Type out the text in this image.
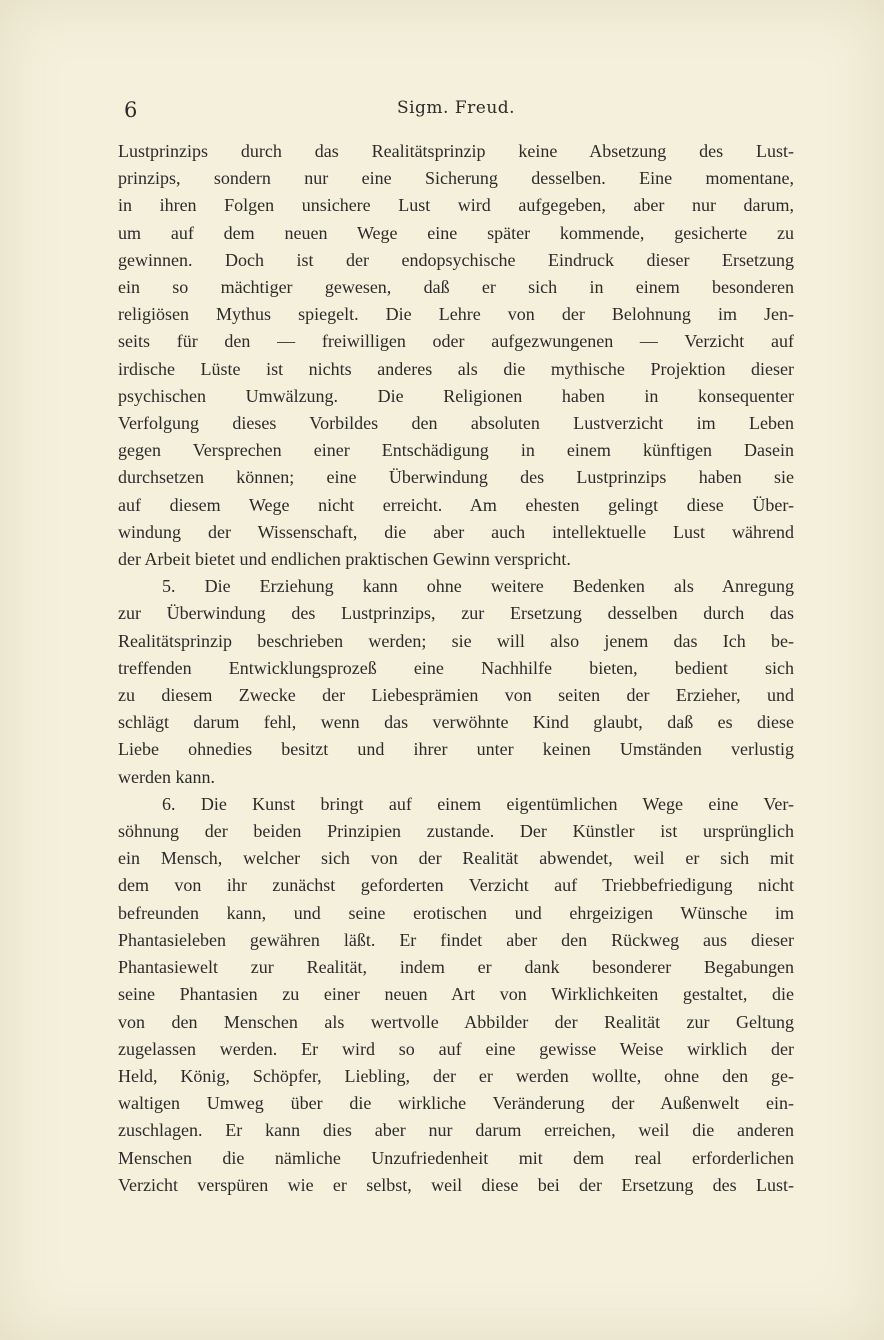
6	Sigm. Freud.
Lustprinzips durch das Realitätsprinzip keine Absetzung des Lust-
prinzips, sondern nur eine Sicherung desselben. Eine momentane,
in ihren Folgen unsichere Lust wird aufgegeben, aber nur darum,
um auf dem neuen Wege eine später kommende, gesicherte zu
gewinnen. Doch ist der endopsychische Eindruck dieser Ersetzung
ein so mächtiger gewesen, daß er sich in einem besonderen
religiösen Mythus spiegelt. Die Lehre von der Belohnung im Jen-
seits für den — freiwilligen oder aufgezwungenen — Verzicht auf
irdische Lüste ist nichts anderes als die mythische Projektion dieser
psychischen Umwälzung. Die Religionen haben in konsequenter
Verfolgung dieses Vorbildes den absoluten Lustverzicht im Leben
gegen Versprechen einer Entschädigung in einem künftigen Dasein
durchsetzen können; eine Überwindung des Lustprinzips haben sie
auf diesem Wege nicht erreicht. Am ehesten gelingt diese Über-
windung der Wissenschaft, die aber auch intellektuelle Lust während
der Arbeit bietet und endlichen praktischen Gewinn verspricht.
5. Die Erziehung kann ohne weitere Bedenken als Anregung
zur Überwindung des Lustprinzips, zur Ersetzung desselben durch das
Realitätsprinzip beschrieben werden; sie will also jenem das Ich be-
treffenden Entwicklungsprozeß eine Nachhilfe bieten, bedient sich
zu diesem Zwecke der Liebesprämien von seiten der Erzieher, und
schlägt darum fehl, wenn das verwöhnte Kind glaubt, daß es diese
Liebe ohnedies besitzt und ihrer unter keinen Umständen verlustig
werden kann.
6. Die Kunst bringt auf einem eigentümlichen Wege eine Ver-
söhnung der beiden Prinzipien zustande. Der Künstler ist ursprünglich
ein Mensch, welcher sich von der Realität abwendet, weil er sich mit
dem von ihr zunächst geforderten Verzicht auf Triebbefriedigung nicht
befreunden kann, und seine erotischen und ehrgeizigen Wünsche im
Phantasieleben gewähren läßt. Er findet aber den Rückweg aus dieser
Phantasiewelt zur Realität, indem er dank besonderer Begabungen
seine Phantasien zu einer neuen Art von Wirklichkeiten gestaltet, die
von den Menschen als wertvolle Abbilder der Realität zur Geltung
zugelassen werden. Er wird so auf eine gewisse Weise wirklich der
Held, König, Schöpfer, Liebling, der er werden wollte, ohne den ge-
waltigen Umweg über die wirkliche Veränderung der Außenwelt ein-
zuschlagen. Er kann dies aber nur darum erreichen, weil die anderen
Menschen die nämliche Unzufriedenheit mit dem real erforderlichen
Verzicht verspüren wie er selbst, weil diese bei der Ersetzung des Lust-
